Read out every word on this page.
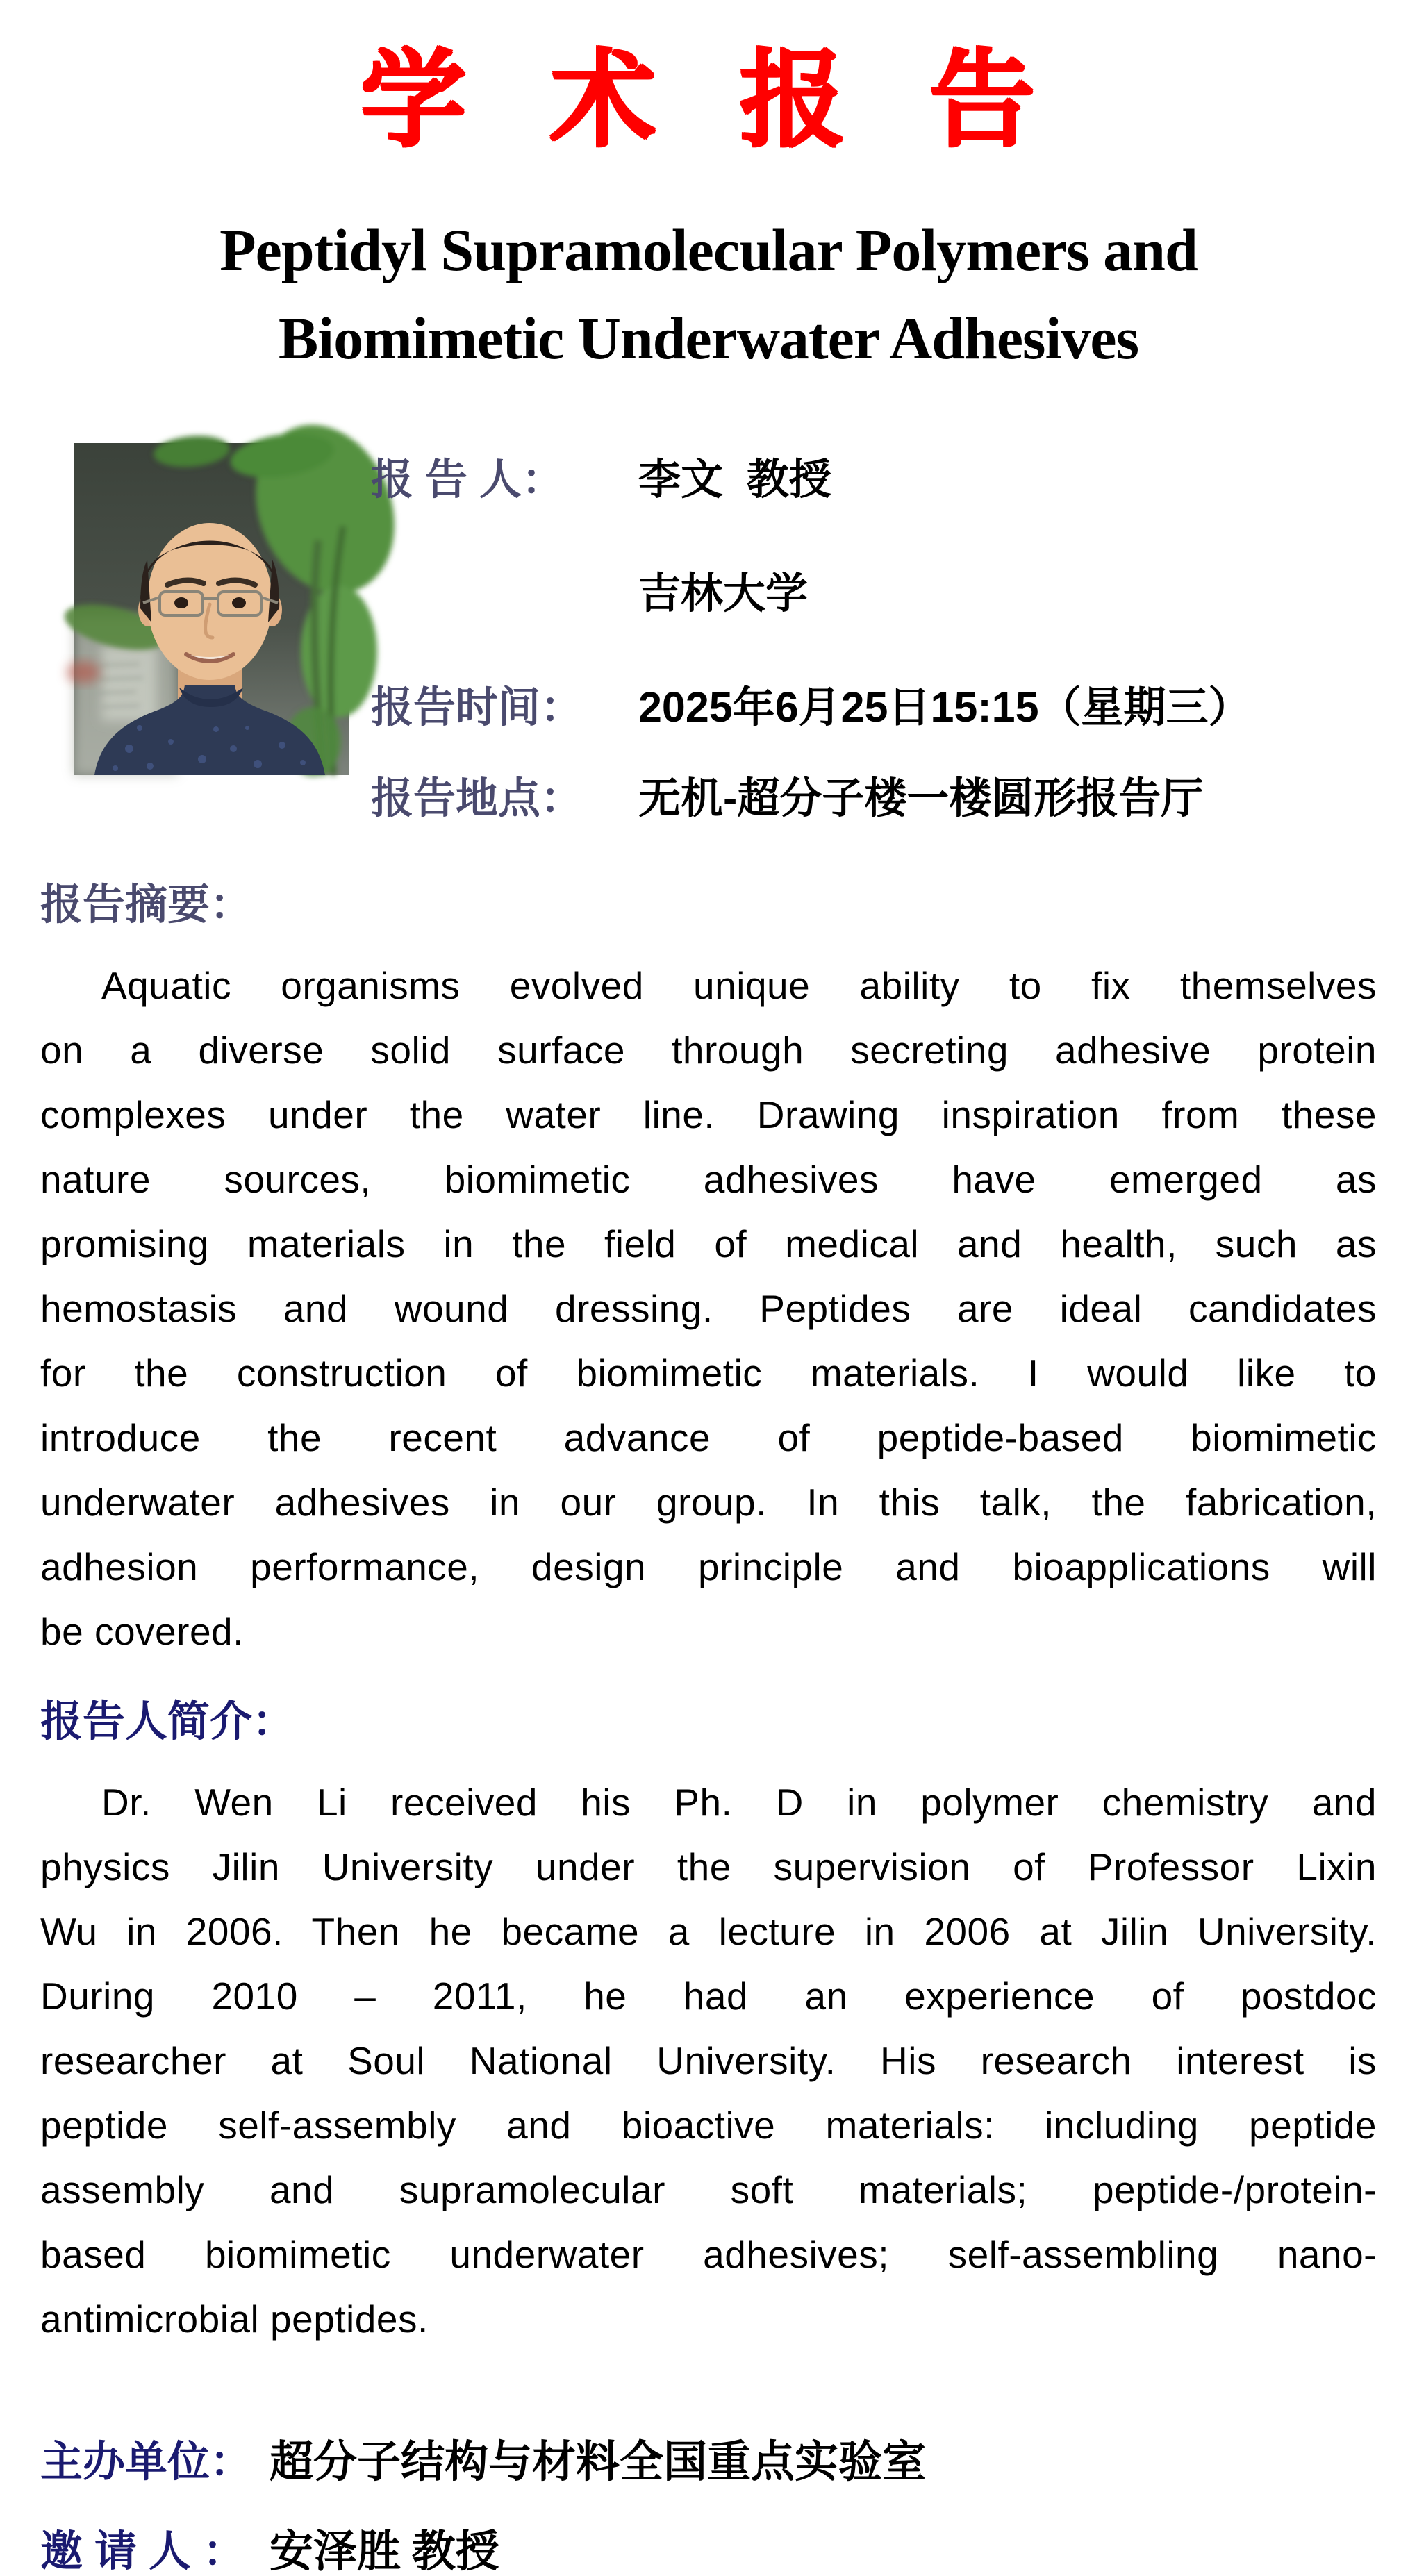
学 术 报 告
Peptidyl Supramolecular Polymers and
Biomimetic Underwater Adhesives
报 告 人：	李文  教授
吉林大学
报告时间：	2025年6月25日15:15（星期三）
报告地点：	无机-超分子楼一楼圆形报告厅
报告摘要：
Aquatic organisms evolved unique ability to fix themselves
on a diverse solid surface through secreting adhesive protein
complexes under the water line. Drawing inspiration from these
nature sources, biomimetic adhesives have emerged as
promising materials in the field of medical and health, such as
hemostasis and wound dressing. Peptides are ideal candidates
for the construction of biomimetic materials. I would like to
introduce the recent advance of peptide-based biomimetic
underwater adhesives in our group. In this talk, the fabrication,
adhesion performance, design principle and bioapplications will
be covered.
报告人简介：
Dr. Wen Li received his Ph. D in polymer chemistry and
physics Jilin University under the supervision of Professor Lixin
Wu in 2006. Then he became a lecture in 2006 at Jilin University.
During 2010 – 2011, he had an experience of postdoc
researcher at Soul National University. His research interest is
peptide self-assembly and bioactive materials: including peptide
assembly and supramolecular soft materials; peptide-/protein-
based biomimetic underwater adhesives; self-assembling nano-
antimicrobial peptides.
主办单位： 超分子结构与材料全国重点实验室
邀 请 人 ： 安泽胜 教授
